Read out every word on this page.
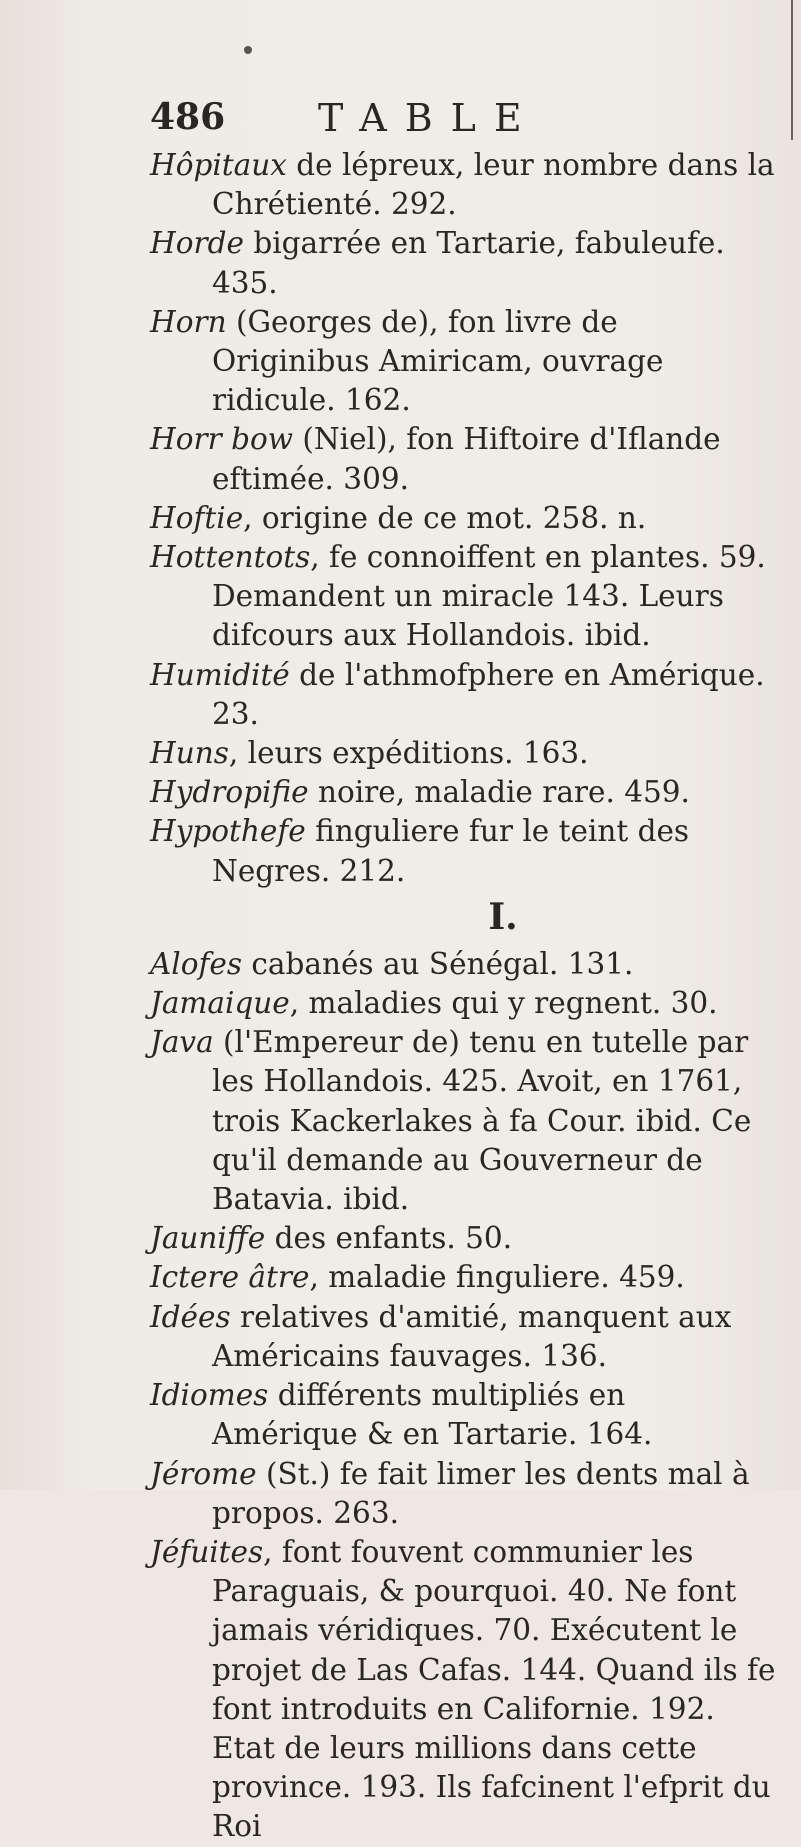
486 TABLE

Hôpitaux de lépreux, leur nombre dans la Chrétienté. 292.

Horde bigarrée en Tartarie, fabuleufe. 435.

Horn (Georges de), fon livre de Originibus Amiricam, ouvrage ridicule. 162.

Horr bow (Niel), fon Hiftoire d'Iflande eftimée. 309.

Hoftie, origine de ce mot. 258. n.

Hottentots, fe connoiffent en plantes. 59. Demandent un miracle 143. Leurs difcours aux Hollandois. ibid.

Humidité de l'athmofphere en Amérique. 23.

Huns, leurs expéditions. 163.

Hydropifie noire, maladie rare. 459.

Hypothefe finguliere fur le teint des Negres. 212.

I.

Alofes cabanés au Sénégal. 131.

Jamaique, maladies qui y regnent. 30.

Java (l'Empereur de) tenu en tutelle par les Hollandois. 425. Avoit, en 1761, trois Kackerlakes à fa Cour. ibid. Ce qu'il demande au Gouverneur de Batavia. ibid.

Jauniffe des enfants. 50.

Ictere âtre, maladie finguliere. 459.

Idées relatives d'amitié, manquent aux Américains fauvages. 136.

Idiomes différents multipliés en Amérique & en Tartarie. 164.

Jérome (St.) fe fait limer les dents mal à propos. 263.

Jéfuites, font fouvent communier les Paraguais, & pourquoi. 40. Ne font jamais véridiques. 70. Exécutent le projet de Las Cafas. 144. Quand ils fe font introduits en Californie. 192. Etat de leurs millions dans cette province. 193. Ils fafcinent l'efprit du Roi
